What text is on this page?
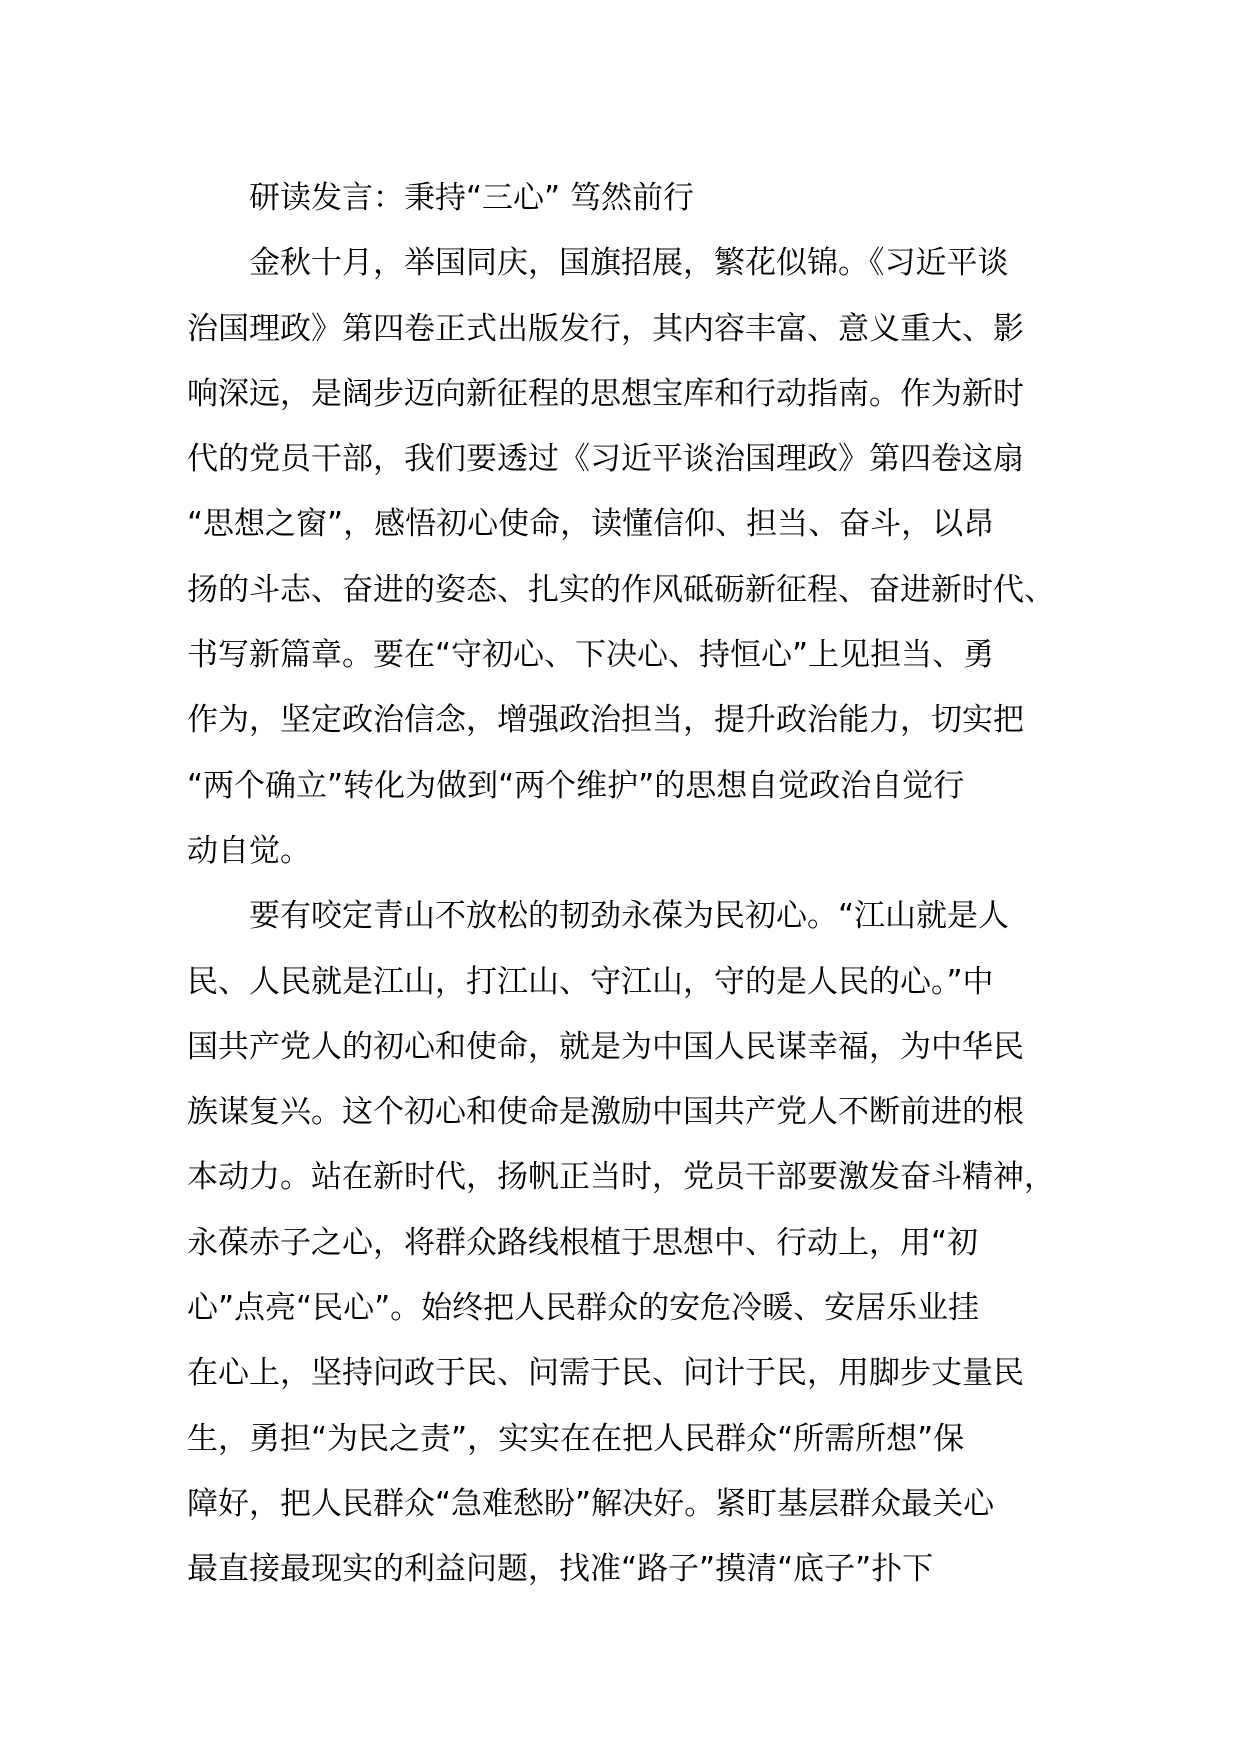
研读发言：秉持“三心” 笃然前行
金秋十月，举国同庆，国旗招展，繁花似锦。《习近平谈
治国理政》第四卷正式出版发行，其内容丰富、意义重大、影
响深远，是阔步迈向新征程的思想宝库和行动指南。作为新时
代的党员干部，我们要透过《习近平谈治国理政》第四卷这扇
“思想之窗”，感悟初心使命，读懂信仰、担当、奋斗，以昂
扬的斗志、奋进的姿态、扎实的作风砥砺新征程、奋进新时代、
书写新篇章。要在“守初心、下决心、持恒心”上见担当、勇
作为，坚定政治信念，增强政治担当，提升政治能力，切实把
“两个确立”转化为做到“两个维护”的思想自觉政治自觉行
动自觉。
要有咬定青山不放松的韧劲永葆为民初心。“江山就是人
民、人民就是江山，打江山、守江山，守的是人民的心。”中
国共产党人的初心和使命，就是为中国人民谋幸福，为中华民
族谋复兴。这个初心和使命是激励中国共产党人不断前进的根
本动力。站在新时代，扬帆正当时，党员干部要激发奋斗精神，
永葆赤子之心，将群众路线根植于思想中、行动上，用“初
心”点亮“民心”。始终把人民群众的安危冷暖、安居乐业挂
在心上，坚持问政于民、问需于民、问计于民，用脚步丈量民
生，勇担“为民之责”，实实在在把人民群众“所需所想”保
障好，把人民群众“急难愁盼”解决好。紧盯基层群众最关心
最直接最现实的利益问题，找准“路子”摸清“底子”扑下
